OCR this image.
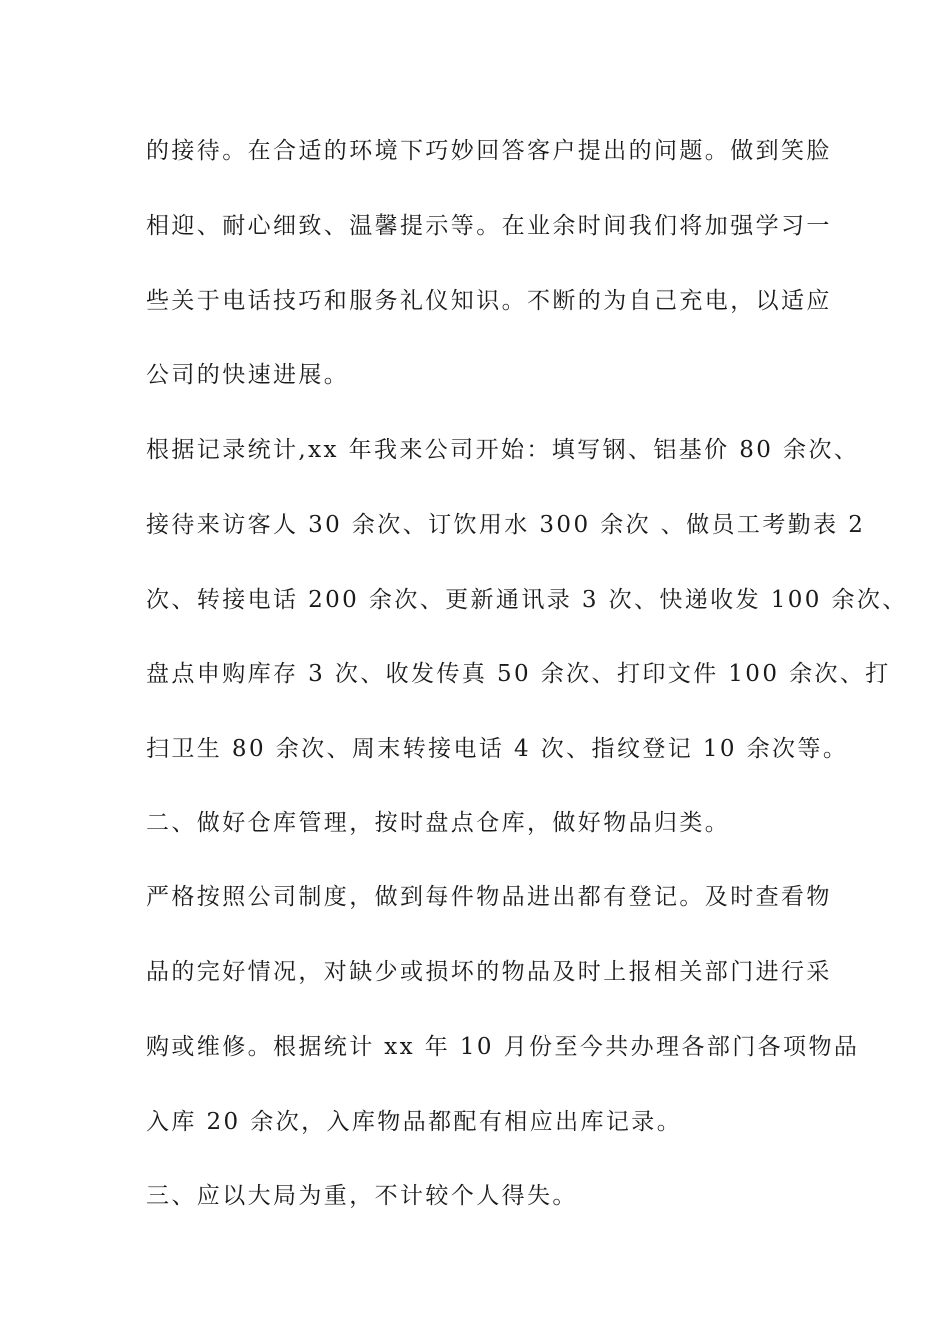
的接待。在合适的环境下巧妙回答客户提出的问题。做到笑脸
相迎、耐心细致、温馨提示等。在业余时间我们将加强学习一
些关于电话技巧和服务礼仪知识。不断的为自己充电，以适应
公司的快速进展。
根据记录统计,xx 年我来公司开始：填写钢、铝基价 80 余次、
接待来访客人 30 余次、订饮用水 300 余次 、做员工考勤表 2
次、转接电话 200 余次、更新通讯录 3 次、快递收发 100 余次、
盘点申购库存 3 次、收发传真 50 余次、打印文件 100 余次、打
扫卫生 80 余次、周末转接电话 4 次、指纹登记 10 余次等。
二、做好仓库管理，按时盘点仓库，做好物品归类。
严格按照公司制度，做到每件物品进出都有登记。及时查看物
品的完好情况，对缺少或损坏的物品及时上报相关部门进行采
购或维修。根据统计 xx 年 10 月份至今共办理各部门各项物品
入库 20 余次，入库物品都配有相应出库记录。
三、应以大局为重，不计较个人得失。
